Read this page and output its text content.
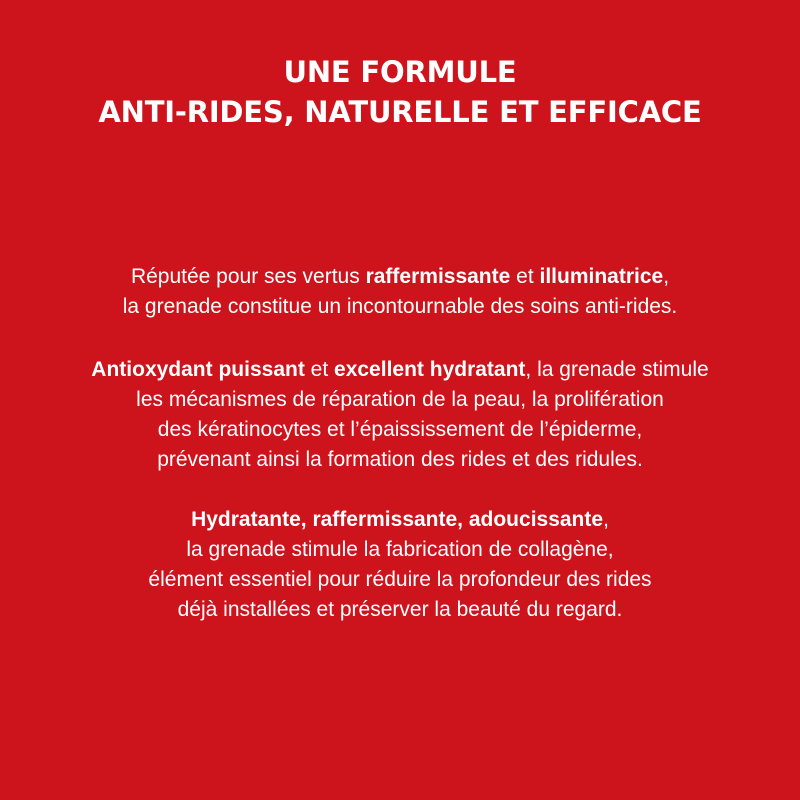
UNE FORMULE
ANTI-RIDES, NATURELLE ET EFFICACE

Réputée pour ses vertus raffermissante et illuminatrice,
la grenade constitue un incontournable des soins anti-rides.

Antioxydant puissant et excellent hydratant, la grenade stimule
les mécanismes de réparation de la peau, la prolifération
des kératinocytes et l’épaississement de l’épiderme,
prévenant ainsi la formation des rides et des ridules.

Hydratante, raffermissante, adoucissante,
la grenade stimule la fabrication de collagène,
élément essentiel pour réduire la profondeur des rides
déjà installées et préserver la beauté du regard.
